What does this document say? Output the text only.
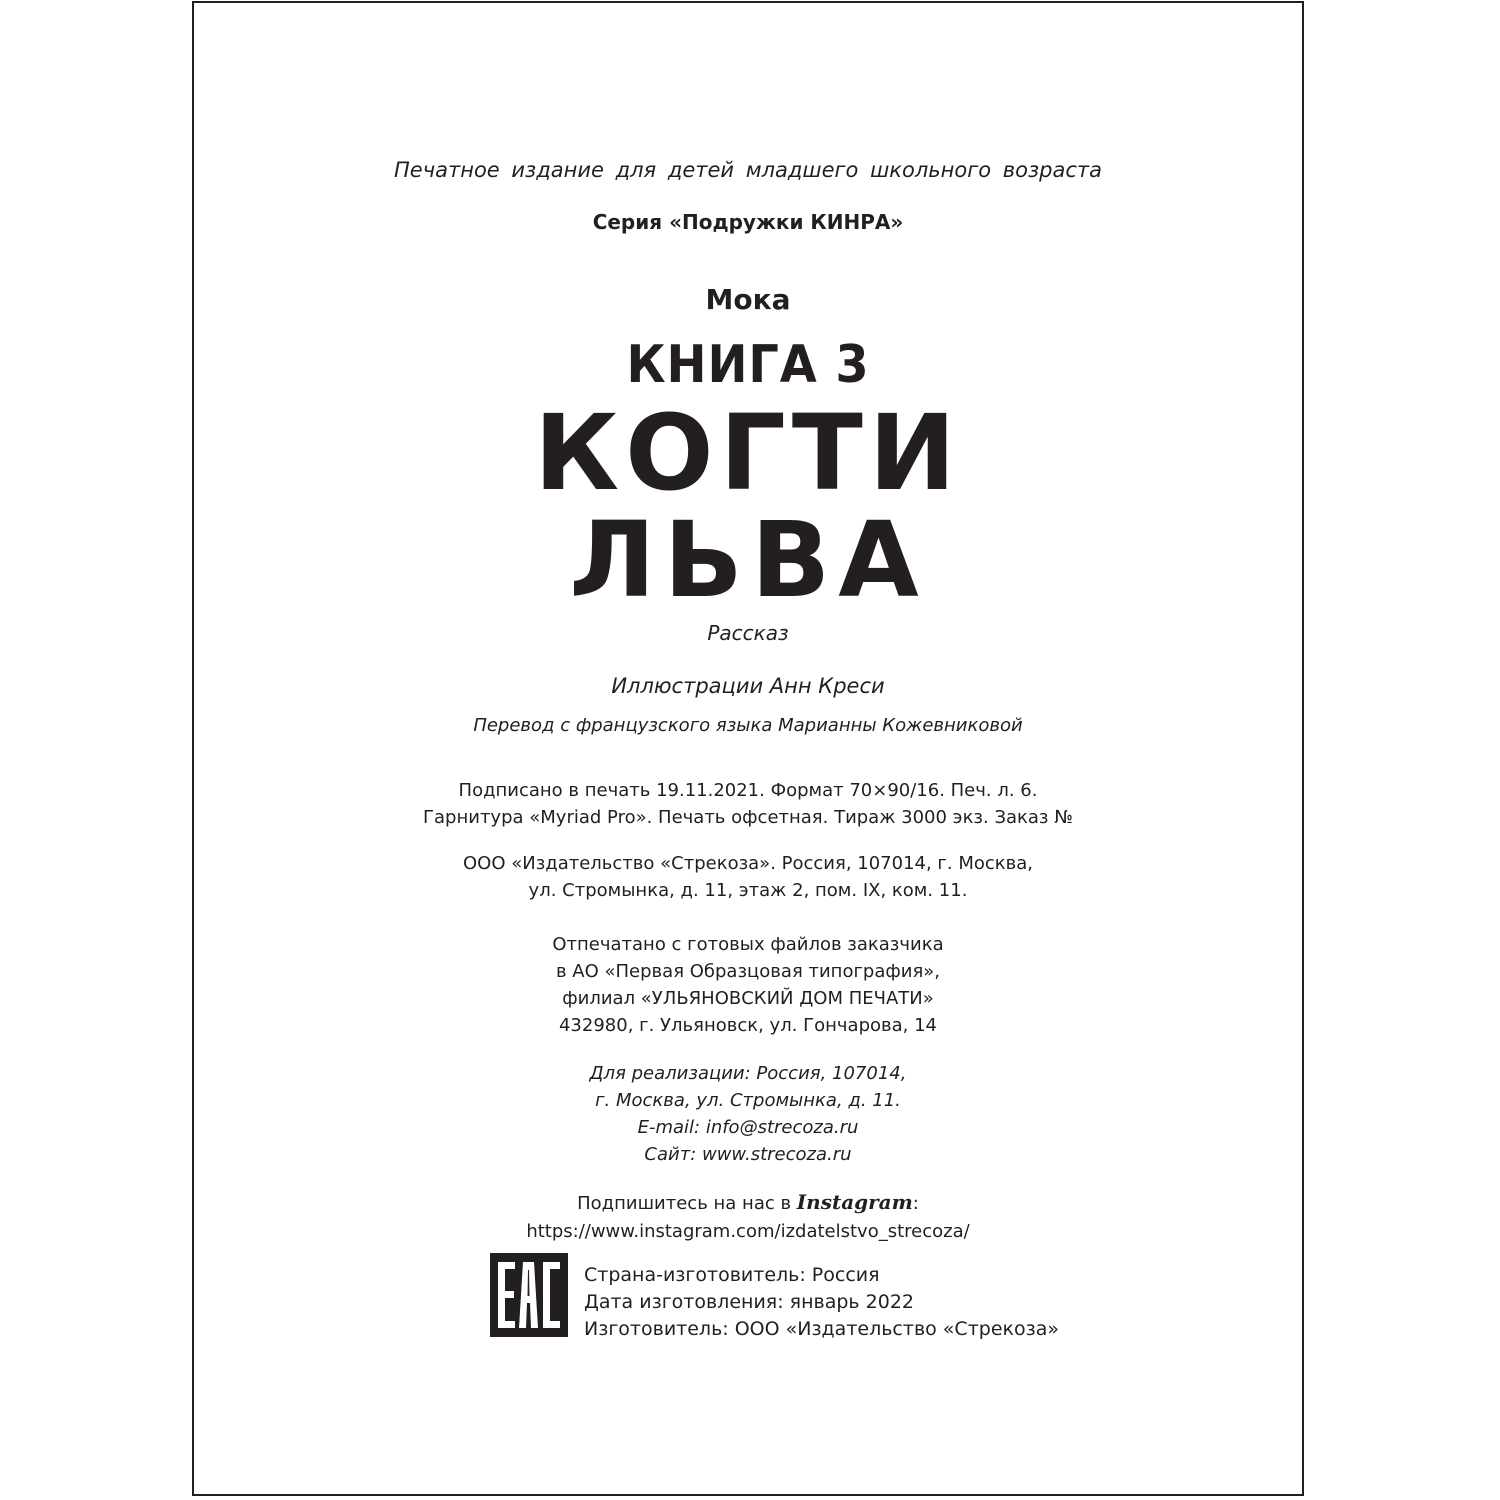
Печатное издание для детей младшего школьного возраста
Серия «Подружки КИНРА»
Мока
КНИГА 3
КОГТИ
ЛЬВА
Рассказ
Иллюстрации Анн Креси
Перевод с французского языка Марианны Кожевниковой
Подписано в печать 19.11.2021. Формат 70×90/16. Печ. л. 6.
Гарнитура «Myriad Pro». Печать офсетная. Тираж 3000 экз. Заказ №
ООО «Издательство «Стрекоза». Россия, 107014, г. Москва,
ул. Стромынка, д. 11, этаж 2, пом. IX, ком. 11.
Отпечатано с готовых файлов заказчика
в АО «Первая Образцовая типография»,
филиал «УЛЬЯНОВСКИЙ ДОМ ПЕЧАТИ»
432980, г. Ульяновск, ул. Гончарова, 14
Для реализации: Россия, 107014,
г. Москва, ул. Стромынка, д. 11.
E-mail: info@strecoza.ru
Сайт: www.strecoza.ru
Подпишитесь на нас в Instagram:
https://www.instagram.com/izdatelstvo_strecoza/
Страна-изготовитель: Россия
Дата изготовления: январь 2022
Изготовитель: ООО «Издательство «Стрекоза»
